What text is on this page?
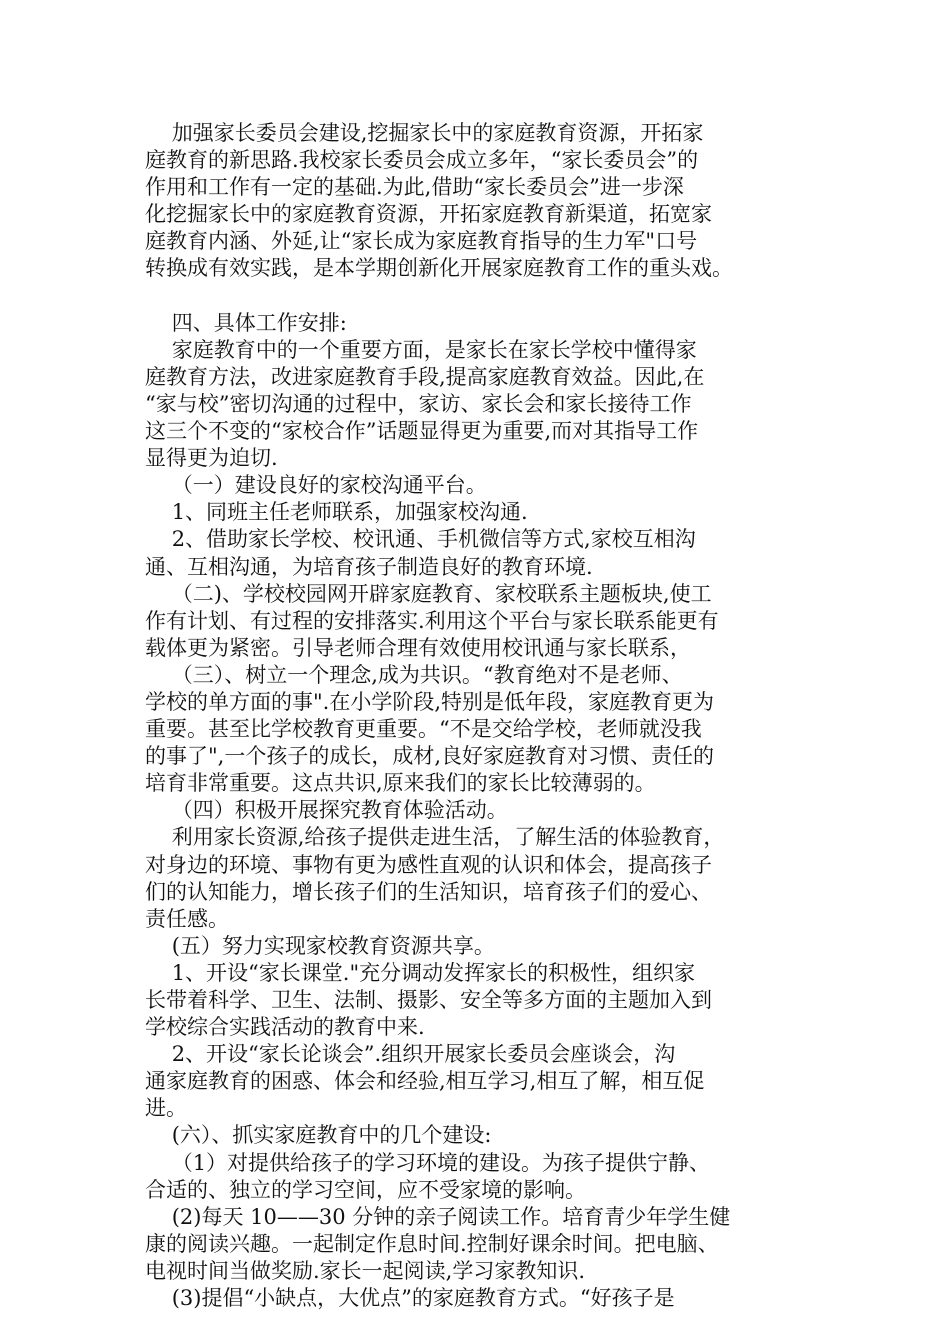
加强家长委员会建设,挖掘家长中的家庭教育资源，开拓家
庭教育的新思路.我校家长委员会成立多年，“家长委员会”的
作用和工作有一定的基础.为此,借助“家长委员会”进一步深
化挖掘家长中的家庭教育资源，开拓家庭教育新渠道，拓宽家
庭教育内涵、外延,让“家长成为家庭教育指导的生力军"口号
转换成有效实践，是本学期创新化开展家庭教育工作的重头戏。
四、具体工作安排:
家庭教育中的一个重要方面，是家长在家长学校中懂得家
庭教育方法，改进家庭教育手段,提高家庭教育效益。因此,在
“家与校”密切沟通的过程中，家访、家长会和家长接待工作
这三个不变的“家校合作”话题显得更为重要,而对其指导工作
显得更为迫切.
（一）建设良好的家校沟通平台。
1、同班主任老师联系，加强家校沟通.
2、借助家长学校、校讯通、手机微信等方式,家校互相沟
通、互相沟通，为培育孩子制造良好的教育环境.
（二)、学校校园网开辟家庭教育、家校联系主题板块,使工
作有计划、有过程的安排落实.利用这个平台与家长联系能更有
载体更为紧密。引导老师合理有效使用校讯通与家长联系，
（三）、树立一个理念,成为共识。“教育绝对不是老师、
学校的单方面的事".在小学阶段,特别是低年段，家庭教育更为
重要。甚至比学校教育更重要。“不是交给学校，老师就没我
的事了",一个孩子的成长，成材,良好家庭教育对习惯、责任的
培育非常重要。这点共识,原来我们的家长比较薄弱的。
（四）积极开展探究教育体验活动。
利用家长资源,给孩子提供走进生活，了解生活的体验教育，
对身边的环境、事物有更为感性直观的认识和体会，提高孩子
们的认知能力，增长孩子们的生活知识，培育孩子们的爱心、
责任感。
(五）努力实现家校教育资源共享。
1、开设“家长课堂."充分调动发挥家长的积极性，组织家
长带着科学、卫生、法制、摄影、安全等多方面的主题加入到
学校综合实践活动的教育中来.
2、开设“家长论谈会”.组织开展家长委员会座谈会，沟
通家庭教育的困惑、体会和经验,相互学习,相互了解，相互促
进。
(六）、抓实家庭教育中的几个建设:
（1）对提供给孩子的学习环境的建设。为孩子提供宁静、
合适的、独立的学习空间，应不受家境的影响。
(2)每天 10——30 分钟的亲子阅读工作。培育青少年学生健
康的阅读兴趣。一起制定作息时间.控制好课余时间。把电脑、
电视时间当做奖励.家长一起阅读,学习家教知识.
(3)提倡“小缺点，大优点”的家庭教育方式。“好孩子是
